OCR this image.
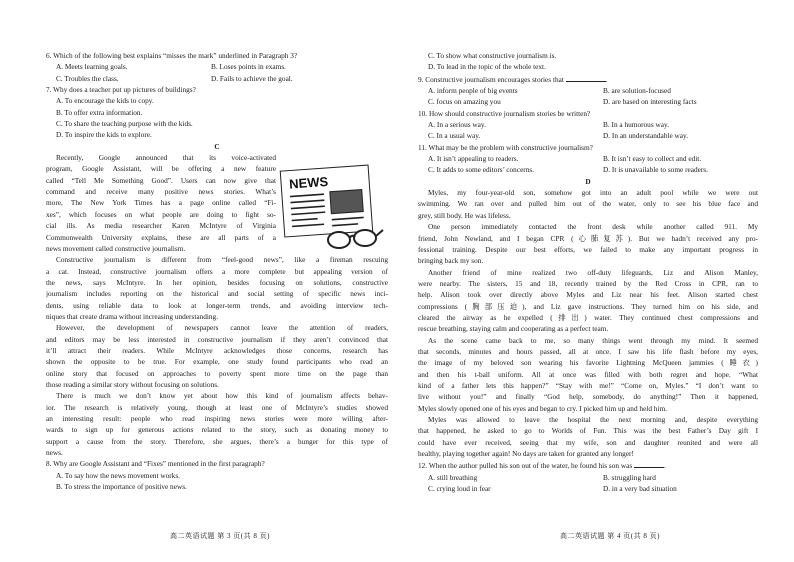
6. Which of the following best explains “misses the mark” underlined in Paragraph 3?
A. Meets learning goals.	B. Loses points in exams.
C. Troubles the class.	D. Fails to achieve the goal.
7. Why does a teacher put up pictures of buildings?
A. To encourage the kids to copy.
B. To offer extra information.
C. To share the teaching purpose with the kids.
D. To inspire the kids to explore.
C
Recently, Google announced that its voice-activated
program, Google Assistant, will be offering a new feature
called “Tell Me Something Good”. Users can now give that
command and receive many positive news stories. What’s
more, The New York Times has a page online called “Fi-
xes”, which focuses on what people are doing to fight so-
cial ills. As media researcher Karen McIntyre of Virginia
Commonwealth University explains, these are all parts of a
news movement called constructive journalism.
Constructive journalism is different from “feel-good news”, like a fireman rescuing
a cat. Instead, constructive journalism offers a more complete but appealing version of
the news, says McIntyre. In her opinion, besides focusing on solutions, constructive
journalism includes reporting on the historical and social setting of specific news inci-
dents, using reliable data to look at longer-term trends, and avoiding interview tech-
niques that create drama without increasing understanding.
However, the development of newspapers cannot leave the attention of readers,
and editors may be less interested in constructive journalism if they aren’t convinced that
it’ll attract their readers. While McIntyre acknowledges those concerns, research has
shown the opposite to be true. For example, one study found participants who read an
online story that focused on approaches to poverty spent more time on the page than
those reading a similar story without focusing on solutions.
There is much we don’t know yet about how this kind of journalism affects behav-
ior. The research is relatively young, though at least one of McIntyre’s studies showed
an interesting result: people who read inspiring news stories were more willing after-
wards to sign up for generous actions related to the story, such as donating money to
support a cause from the story. Therefore, she argues, there’s a hunger for this type of
news.
8. Why are Google Assistant and “Fixes” mentioned in the first paragraph?
A. To say how the news movement works.
B. To stress the importance of positive news.
NEWS
C. To show what constructive journalism is.
D. To lead in the topic of the whole text.
9. Constructive journalism encourages stories that	.
A. inform people of big events	B. are solution-focused
C. focus on amazing you	D. are based on interesting facts
10. How should constructive journalism stories be written?
A. In a serious way.	B. In a humorous way.
C. In a usual way.	D. In an understandable way.
11. What may be the problem with constructive journalism?
A. It isn’t appealing to readers.	B. It isn’t easy to collect and edit.
C. It adds to some editors’ concerns.	D. It is unavailable to some readers.
D
Myles, my four-year-old son, somehow got into an adult pool while we were out
swimming. We ran over and pulled him out of the water, only to see his blue face and
grey, still body. He was lifeless.
One person immediately contacted the front desk while another called 911. My
friend, John Newland, and I began CPR (心肺复苏). But we hadn’t received any pro-
fessional training. Despite our best efforts, we failed to make any important progress in
bringing back my son.
Another friend of mine realized two off-duty lifeguards, Liz and Alison Manley,
were nearby. The sisters, 15 and 18, recently trained by the Red Cross in CPR, ran to
help. Alison took over directly above Myles and Liz near his feet. Alison started chest
compressions (胸部压迫), and Liz gave instructions. They turned him on his side, and
cleared the airway as he expelled (排出) water. They continued chest compressions and
rescue breathing, staying calm and cooperating as a perfect team.
As the scene came back to me, so many things went through my mind. It seemed
that seconds, minutes and hours passed, all at once. I saw his life flash before my eyes,
the image of my beloved son wearing his favorite Lightning McQueen jammies (睡衣)
and then his t-ball uniform. All at once was filled with both regret and hope. “What
kind of a father lets this happen?” “Stay with me!” “Come on, Myles.” “I don’t want to
live without you!” and finally “God help, somebody, do anything!” Then it happened,
Myles slowly opened one of his eyes and began to cry. I picked him up and held him.
Myles was allowed to leave the hospital the next morning and, despite everything
that happened, he asked to go to Worlds of Fun. This was the best Father’s Day gift I
could have ever received, seeing that my wife, son and daughter reunited and were all
healthy, playing together again! No days are taken for granted any longer!
12. When the author pulled his son out of the water, he found his son was	.
A. still breathing	B. struggling hard
C. crying loud in fear	D. in a very bad situation
高二英语试题 第 3 页(共 8 页)	高二英语试题 第 4 页(共 8 页)
